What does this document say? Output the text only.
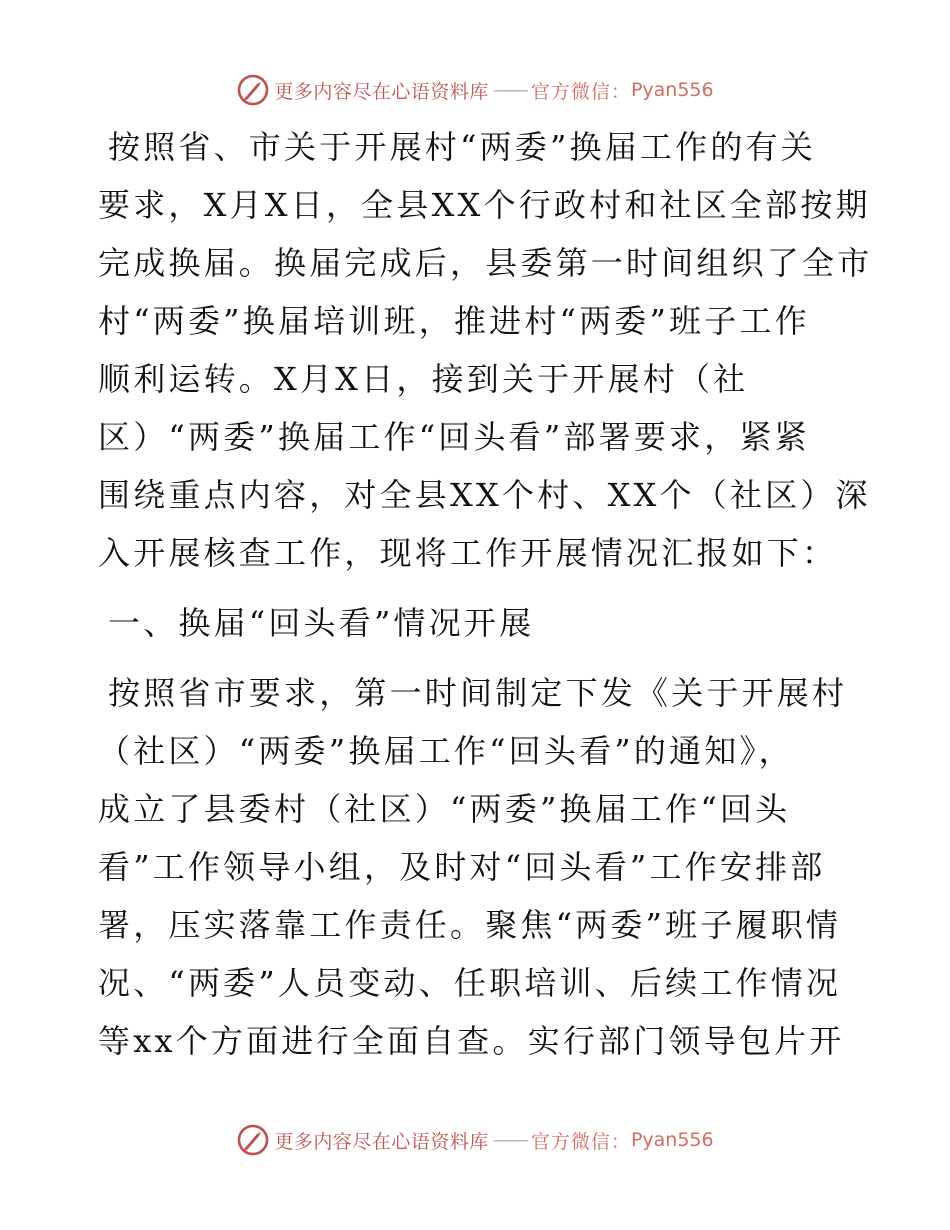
更多内容尽在心语资料库 —— 官方微信： Pyan556
按照省、市关于开展村“两委”换届工作的有关
要求，X月X日，全县XX个行政村和社区全部按期
完成换届。换届完成后，县委第一时间组织了全市
村“两委”换届培训班，推进村“两委”班子工作
顺利运转。X月X日，接到关于开展村（社
区）“两委”换届工作“回头看”部署要求，紧紧
围绕重点内容，对全县XX个村、XX个（社区）深
入开展核查工作，现将工作开展情况汇报如下：
一、换届“回头看”情况开展
按照省市要求，第一时间制定下发《关于开展村
（社区）“两委”换届工作“回头看”的通知》，
成立了县委村（社区）“两委”换届工作“回头
看”工作领导小组，及时对“回头看”工作安排部
署，压实落靠工作责任。聚焦“两委”班子履职情
况、“两委”人员变动、任职培训、后续工作情况
等xx个方面进行全面自查。实行部门领导包片开
更多内容尽在心语资料库 —— 官方微信： Pyan556
